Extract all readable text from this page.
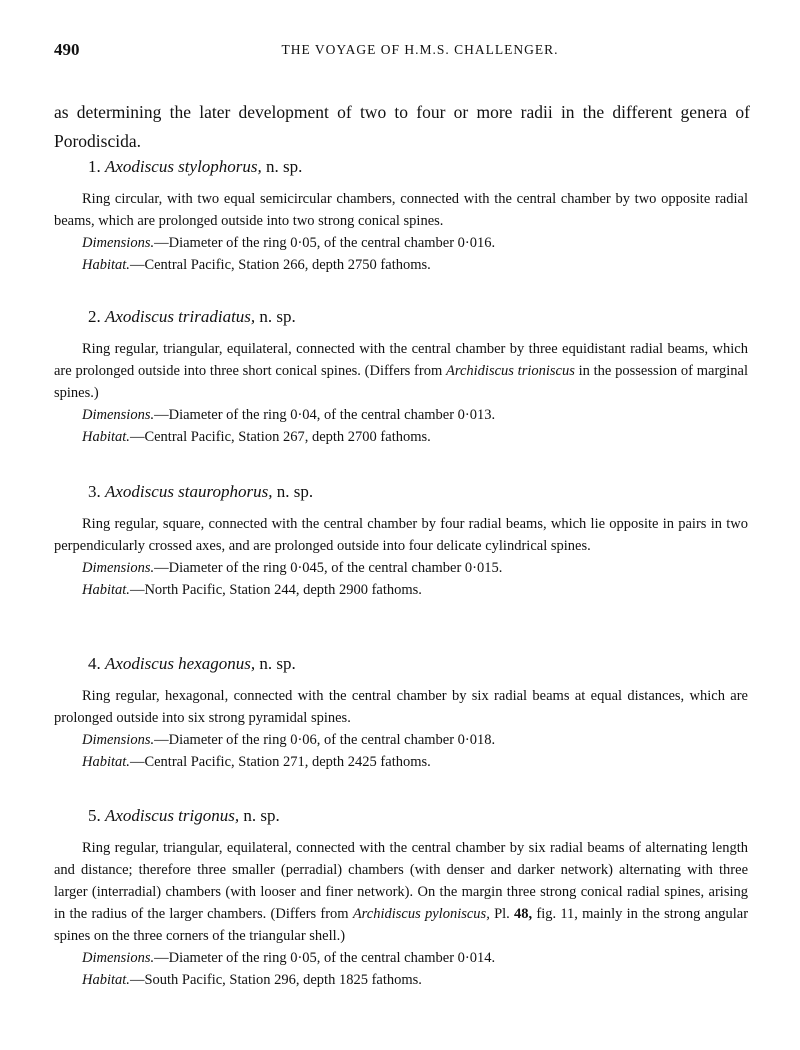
490	THE VOYAGE OF H.M.S. CHALLENGER.

as determining the later development of two to four or more radii in the different genera of Porodiscida.

1. Axodiscus stylophorus, n. sp.

Ring circular, with two equal semicircular chambers, connected with the central chamber by two opposite radial beams, which are prolonged outside into two strong conical spines.

Dimensions.—Diameter of the ring 0·05, of the central chamber 0·016.

Habitat.—Central Pacific, Station 266, depth 2750 fathoms.

2. Axodiscus triradiatus, n. sp.

Ring regular, triangular, equilateral, connected with the central chamber by three equidistant radial beams, which are prolonged outside into three short conical spines. (Differs from Archidiscus trioniscus in the possession of marginal spines.)

Dimensions.—Diameter of the ring 0·04, of the central chamber 0·013.

Habitat.—Central Pacific, Station 267, depth 2700 fathoms.

3. Axodiscus staurophorus, n. sp.

Ring regular, square, connected with the central chamber by four radial beams, which lie opposite in pairs in two perpendicularly crossed axes, and are prolonged outside into four delicate cylindrical spines.

Dimensions.—Diameter of the ring 0·045, of the central chamber 0·015.

Habitat.—North Pacific, Station 244, depth 2900 fathoms.

4. Axodiscus hexagonus, n. sp.

Ring regular, hexagonal, connected with the central chamber by six radial beams at equal distances, which are prolonged outside into six strong pyramidal spines.

Dimensions.—Diameter of the ring 0·06, of the central chamber 0·018.

Habitat.—Central Pacific, Station 271, depth 2425 fathoms.

5. Axodiscus trigonus, n. sp.

Ring regular, triangular, equilateral, connected with the central chamber by six radial beams of alternating length and distance; therefore three smaller (perradial) chambers (with denser and darker network) alternating with three larger (interradial) chambers (with looser and finer network). On the margin three strong conical radial spines, arising in the radius of the larger chambers. (Differs from Archidiscus pyloniscus, Pl. 48, fig. 11, mainly in the strong angular spines on the three corners of the triangular shell.)

Dimensions.—Diameter of the ring 0·05, of the central chamber 0·014.

Habitat.—South Pacific, Station 296, depth 1825 fathoms.
